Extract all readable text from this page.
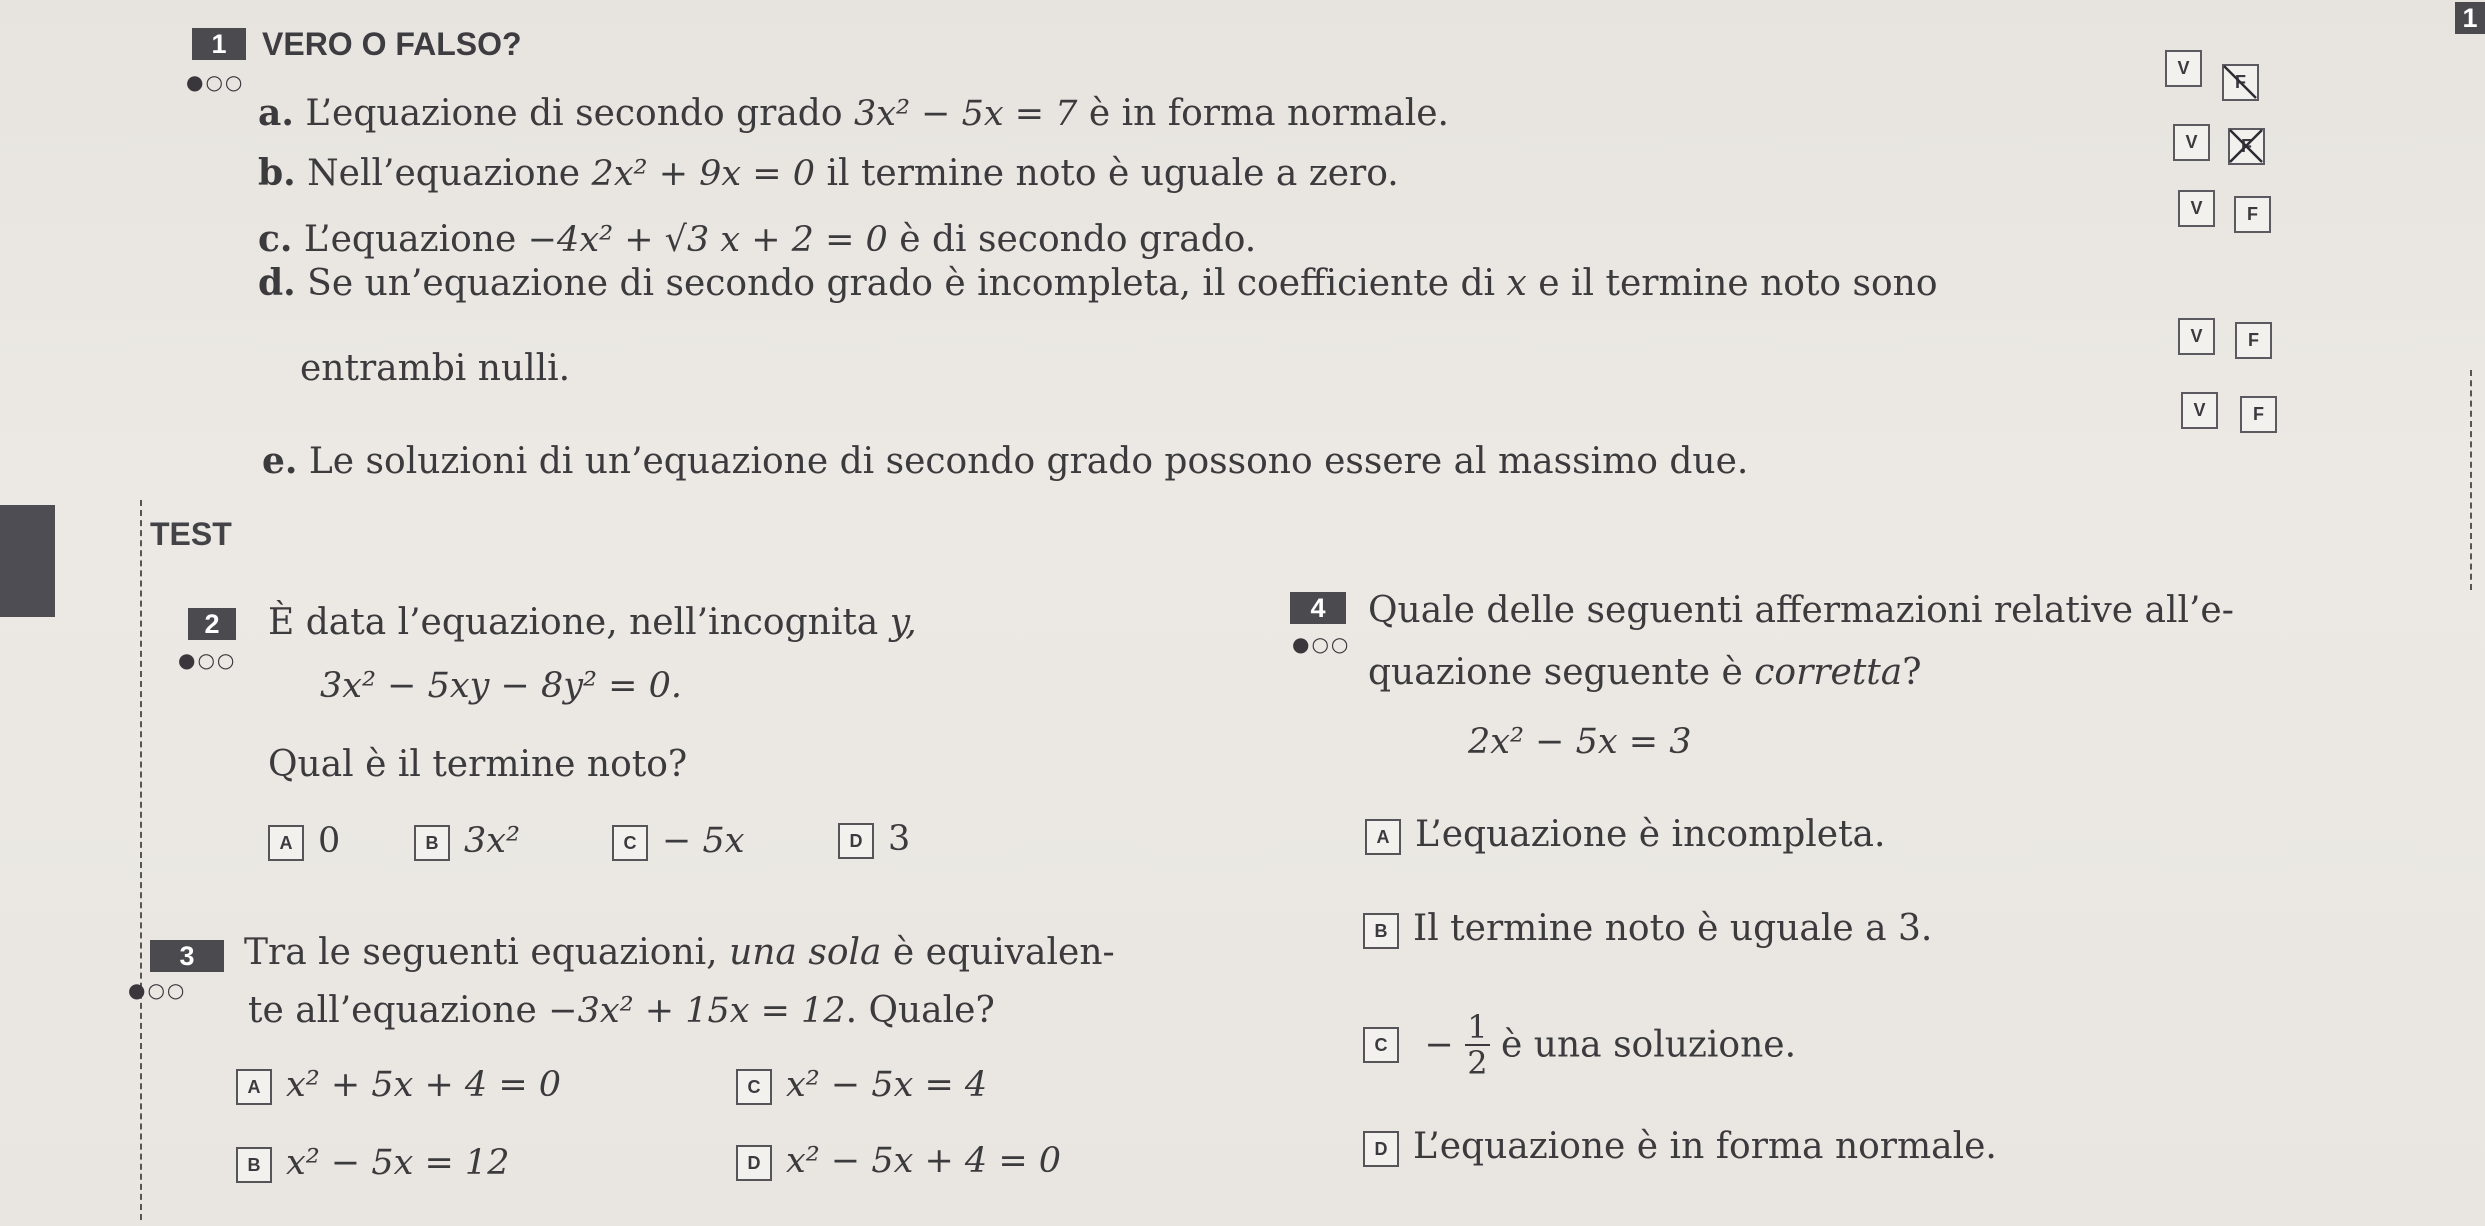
1	VERO O FALSO?
●○○
a. L’equazione di secondo grado 3x² − 5x = 7 è in forma normale.
b. Nell’equazione 2x² + 9x = 0 il termine noto è uguale a zero.
c. L’equazione −4x² + √3 x + 2 = 0 è di secondo grado.
d. Se un’equazione di secondo grado è incompleta, il coefficiente di x e il termine noto sono
entrambi nulli.
e. Le soluzioni di un’equazione di secondo grado possono essere al massimo due.
V
F
V	F
V	F
V	F
V	F
1
TEST
2
●○○
È data l’equazione, nell’incognita y,
3x² − 5xy − 8y² = 0.
Qual è il termine noto?
A 0	B 3x²	C − 5x	D 3
3
●○○
Tra le seguenti equazioni, una sola è equivalen-
te all’equazione −3x² + 15x = 12. Quale?
A x² + 5x + 4 = 0	C x² − 5x = 4
B x² − 5x = 12	D x² − 5x + 4 = 0
4
●○○
Quale delle seguenti affermazioni relative all’e-
quazione seguente è corretta?
2x² − 5x = 3
A L’equazione è incompleta.
B Il termine noto è uguale a 3.
$C - \frac{1}{2}$ è una soluzione.
D L’equazione è in forma normale.
